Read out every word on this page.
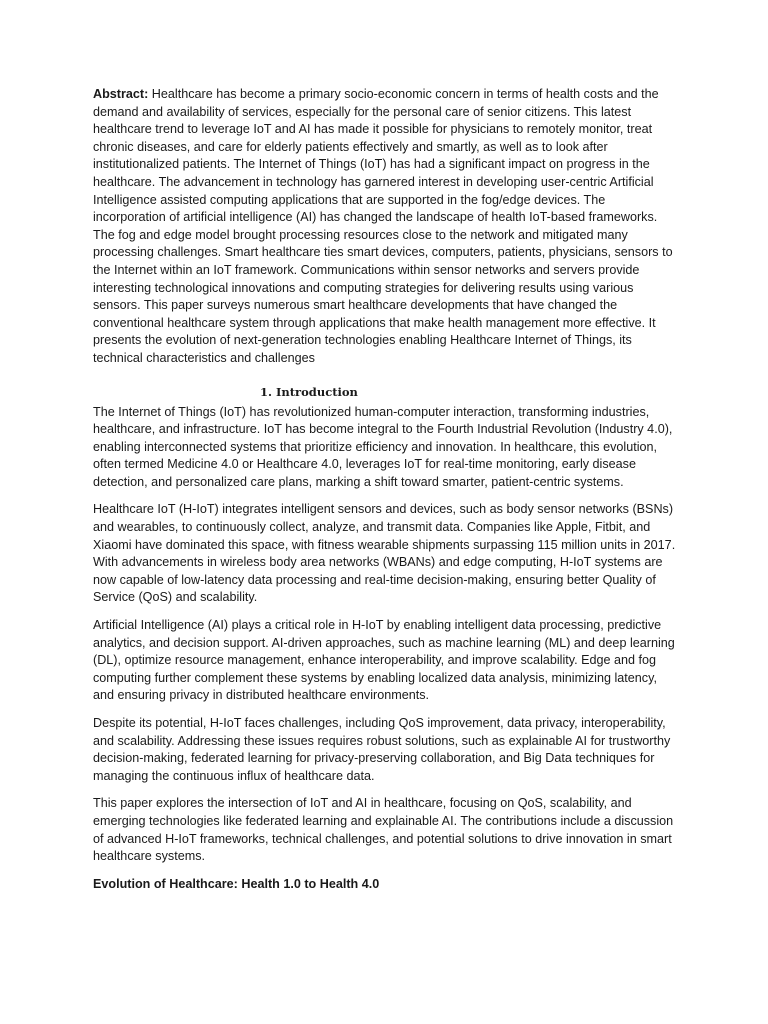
Abstract: Healthcare has become a primary socio-economic concern in terms of health costs and the demand and availability of services, especially for the personal care of senior citizens. This latest healthcare trend to leverage IoT and AI has made it possible for physicians to remotely monitor, treat chronic diseases, and care for elderly patients effectively and smartly, as well as to look after institutionalized patients. The Internet of Things (IoT) has had a significant impact on progress in the healthcare. The advancement in technology has garnered interest in developing user-centric Artificial Intelligence assisted computing applications that are supported in the fog/edge devices. The incorporation of artificial intelligence (AI) has changed the landscape of health IoT-based frameworks. The fog and edge model brought processing resources close to the network and mitigated many processing challenges. Smart healthcare ties smart devices, computers, patients, physicians, sensors to the Internet within an IoT framework. Communications within sensor networks and servers provide interesting technological innovations and computing strategies for delivering results using various sensors. This paper surveys numerous smart healthcare developments that have changed the conventional healthcare system through applications that make health management more effective. It presents the evolution of next-generation technologies enabling Healthcare Internet of Things, its technical characteristics and challenges

1. Introduction

The Internet of Things (IoT) has revolutionized human-computer interaction, transforming industries, healthcare, and infrastructure. IoT has become integral to the Fourth Industrial Revolution (Industry 4.0), enabling interconnected systems that prioritize efficiency and innovation. In healthcare, this evolution, often termed Medicine 4.0 or Healthcare 4.0, leverages IoT for real-time monitoring, early disease detection, and personalized care plans, marking a shift toward smarter, patient-centric systems.

Healthcare IoT (H-IoT) integrates intelligent sensors and devices, such as body sensor networks (BSNs) and wearables, to continuously collect, analyze, and transmit data. Companies like Apple, Fitbit, and Xiaomi have dominated this space, with fitness wearable shipments surpassing 115 million units in 2017. With advancements in wireless body area networks (WBANs) and edge computing, H-IoT systems are now capable of low-latency data processing and real-time decision-making, ensuring better Quality of Service (QoS) and scalability.

Artificial Intelligence (AI) plays a critical role in H-IoT by enabling intelligent data processing, predictive analytics, and decision support. AI-driven approaches, such as machine learning (ML) and deep learning (DL), optimize resource management, enhance interoperability, and improve scalability. Edge and fog computing further complement these systems by enabling localized data analysis, minimizing latency, and ensuring privacy in distributed healthcare environments.

Despite its potential, H-IoT faces challenges, including QoS improvement, data privacy, interoperability, and scalability. Addressing these issues requires robust solutions, such as explainable AI for trustworthy decision-making, federated learning for privacy-preserving collaboration, and Big Data techniques for managing the continuous influx of healthcare data.

This paper explores the intersection of IoT and AI in healthcare, focusing on QoS, scalability, and emerging technologies like federated learning and explainable AI. The contributions include a discussion of advanced H-IoT frameworks, technical challenges, and potential solutions to drive innovation in smart healthcare systems.

Evolution of Healthcare: Health 1.0 to Health 4.0
